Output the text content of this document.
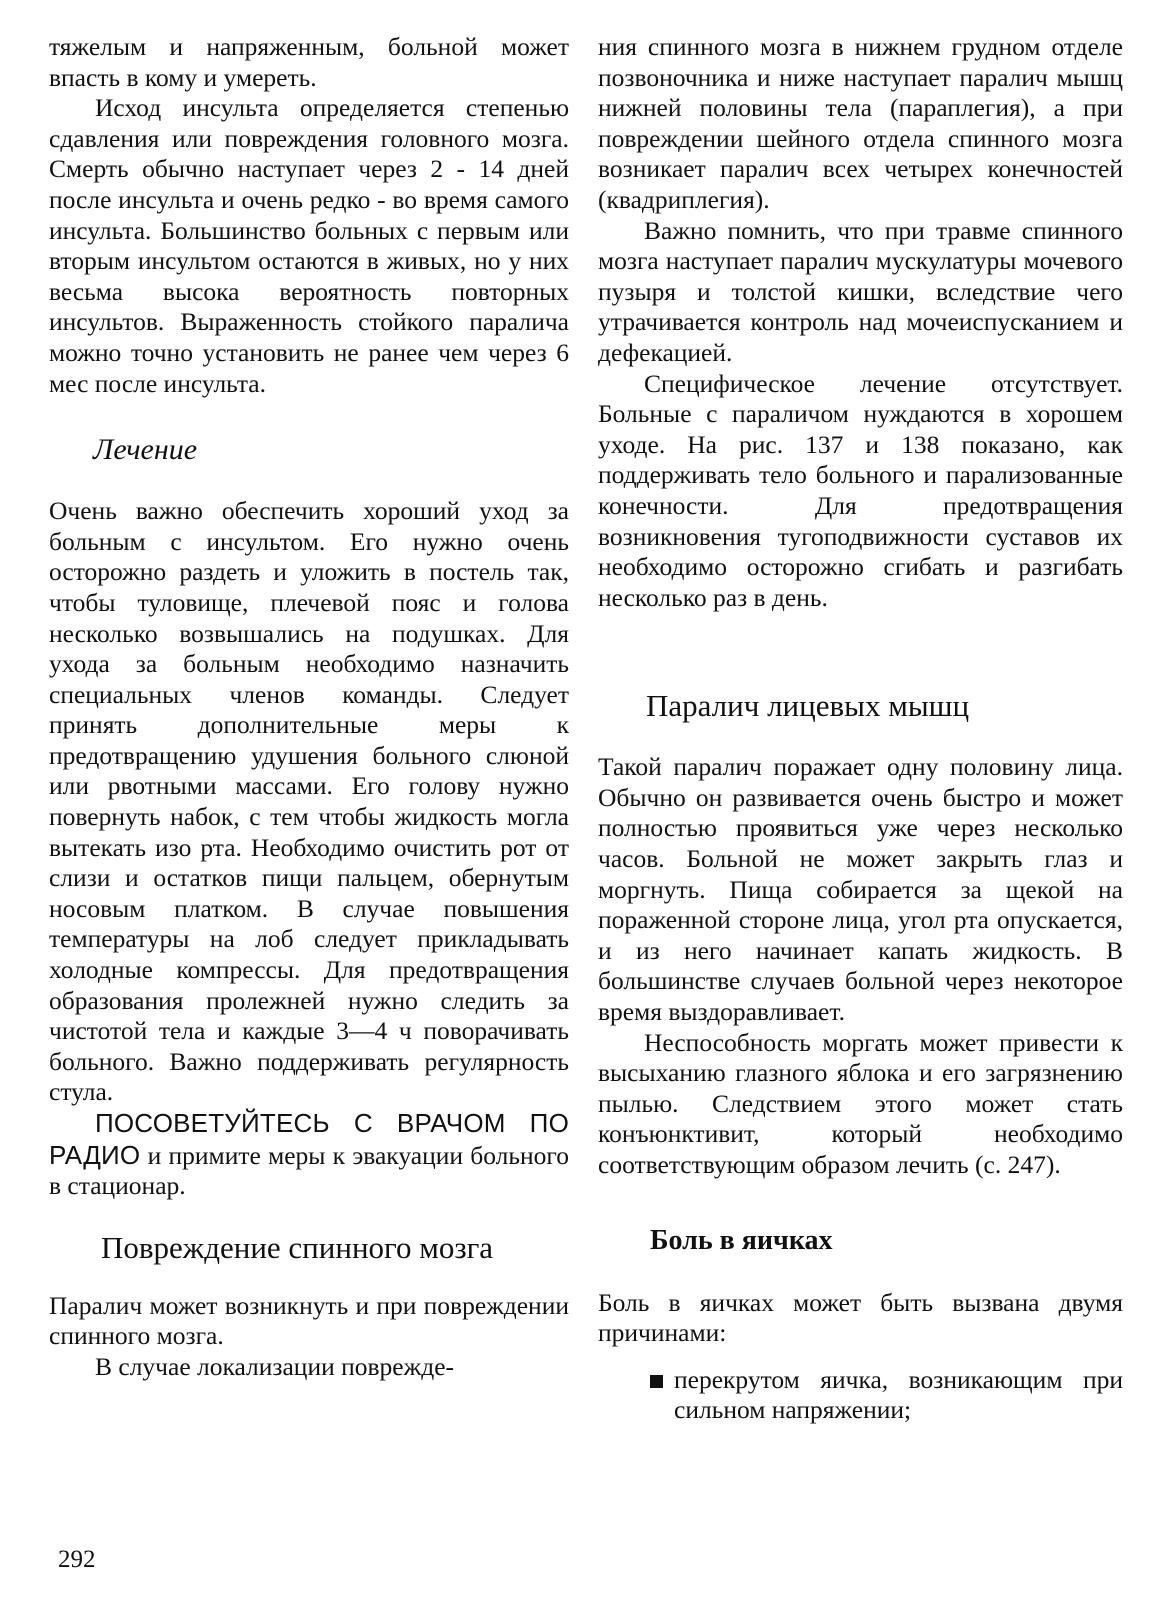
тяжелым и напряженным, больной может впасть в кому и умереть.

Исход инсульта определяется степенью сдавления или повреждения головного мозга. Смерть обычно наступает через 2 - 14 дней после инсульта и очень редко - во время самого инсульта. Большинство больных с первым или вторым инсультом остаются в живых, но у них весьма высока вероятность повторных инсультов. Выраженность стойкого паралича можно точно установить не ранее чем через 6 мес после инсульта.

Лечение

Очень важно обеспечить хороший уход за больным с инсультом. Его нужно очень осторожно раздеть и уложить в постель так, чтобы туловище, плечевой пояс и голова несколько возвышались на подушках. Для ухода за больным необходимо назначить специальных членов команды. Следует принять дополнительные меры к предотвращению удушения больного слюной или рвотными массами. Его голову нужно повернуть набок, с тем чтобы жидкость могла вытекать изо рта. Необходимо очистить рот от слизи и остатков пищи пальцем, обернутым носовым платком. В случае повышения температуры на лоб следует прикладывать холодные компрессы. Для предотвращения образования пролежней нужно следить за чистотой тела и каждые 3—4 ч поворачивать больного. Важно поддерживать регулярность стула.

ПОСОВЕТУЙТЕСЬ С ВРАЧОМ ПО РАДИО и примите меры к эвакуации больного в стационар.

Повреждение спинного мозга

Паралич может возникнуть и при повреждении спинного мозга.

В случае локализации поврежде-

ния спинного мозга в нижнем грудном отделе позвоночника и ниже наступает паралич мышц нижней половины тела (параплегия), а при повреждении шейного отдела спинного мозга возникает паралич всех четырех конечностей (квадриплегия).

Важно помнить, что при травме спинного мозга наступает паралич мускулатуры мочевого пузыря и толстой кишки, вследствие чего утрачивается контроль над мочеиспусканием и дефекацией.

Специфическое лечение отсутствует. Больные с параличом нуждаются в хорошем уходе. На рис. 137 и 138 показано, как поддерживать тело больного и парализованные конечности. Для предотвращения возникновения тугоподвижности суставов их необходимо осторожно сгибать и разгибать несколько раз в день.

Паралич лицевых мышц

Такой паралич поражает одну половину лица. Обычно он развивается очень быстро и может полностью проявиться уже через несколько часов. Больной не может закрыть глаз и моргнуть. Пища собирается за щекой на пораженной стороне лица, угол рта опускается, и из него начинает капать жидкость. В большинстве случаев больной через некоторое время выздоравливает.

Неспособность моргать может привести к высыханию глазного яблока и его загрязнению пылью. Следствием этого может стать конъюнктивит, который необходимо соответствующим образом лечить (с. 247).

Боль в яичках

Боль в яичках может быть вызвана двумя причинами:

перекрутом яичка, возникающим при сильном напряжении;
292
